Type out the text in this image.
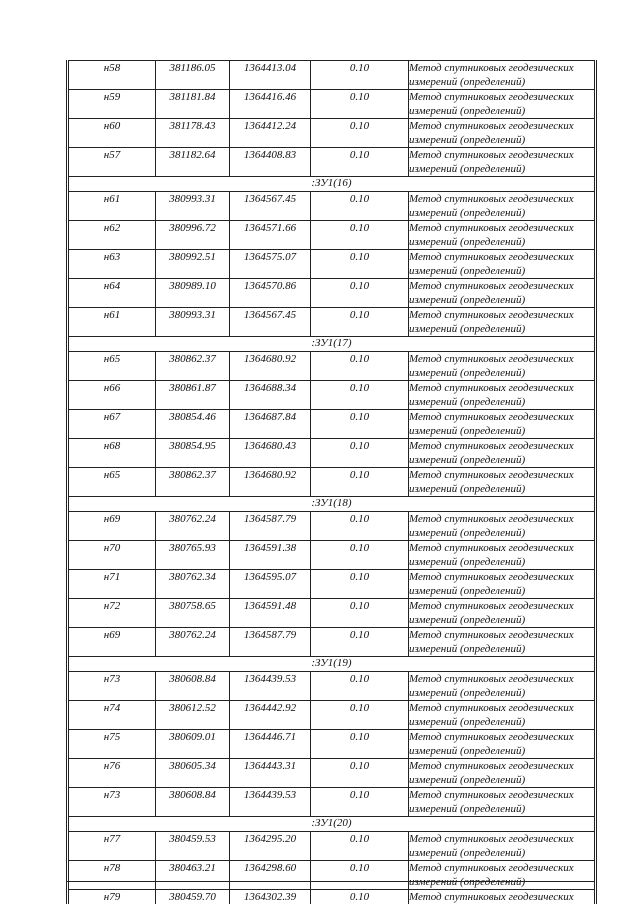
н58	381186.05	1364413.04	0.10	Метод спутниковых геодезических измерений (определений)
н59	381181.84	1364416.46	0.10	Метод спутниковых геодезических измерений (определений)
н60	381178.43	1364412.24	0.10	Метод спутниковых геодезических измерений (определений)
н57	381182.64	1364408.83	0.10	Метод спутниковых геодезических измерений (определений)
:ЗУ1(16)				
н61	380993.31	1364567.45	0.10	Метод спутниковых геодезических измерений (определений)
н62	380996.72	1364571.66	0.10	Метод спутниковых геодезических измерений (определений)
н63	380992.51	1364575.07	0.10	Метод спутниковых геодезических измерений (определений)
н64	380989.10	1364570.86	0.10	Метод спутниковых геодезических измерений (определений)
н61	380993.31	1364567.45	0.10	Метод спутниковых геодезических измерений (определений)
:ЗУ1(17)				
н65	380862.37	1364680.92	0.10	Метод спутниковых геодезических измерений (определений)
н66	380861.87	1364688.34	0.10	Метод спутниковых геодезических измерений (определений)
н67	380854.46	1364687.84	0.10	Метод спутниковых геодезических измерений (определений)
н68	380854.95	1364680.43	0.10	Метод спутниковых геодезических измерений (определений)
н65	380862.37	1364680.92	0.10	Метод спутниковых геодезических измерений (определений)
:ЗУ1(18)				
н69	380762.24	1364587.79	0.10	Метод спутниковых геодезических измерений (определений)
н70	380765.93	1364591.38	0.10	Метод спутниковых геодезических измерений (определений)
н71	380762.34	1364595.07	0.10	Метод спутниковых геодезических измерений (определений)
н72	380758.65	1364591.48	0.10	Метод спутниковых геодезических измерений (определений)
н69	380762.24	1364587.79	0.10	Метод спутниковых геодезических измерений (определений)
:ЗУ1(19)				
н73	380608.84	1364439.53	0.10	Метод спутниковых геодезических измерений (определений)
н74	380612.52	1364442.92	0.10	Метод спутниковых геодезических измерений (определений)
н75	380609.01	1364446.71	0.10	Метод спутниковых геодезических измерений (определений)
н76	380605.34	1364443.31	0.10	Метод спутниковых геодезических измерений (определений)
н73	380608.84	1364439.53	0.10	Метод спутниковых геодезических измерений (определений)
:ЗУ1(20)				
н77	380459.53	1364295.20	0.10	Метод спутниковых геодезических измерений (определений)
н78	380463.21	1364298.60	0.10	Метод спутниковых геодезических измерений (определений)
н79	380459.70	1364302.39	0.10	Метод спутниковых геодезических
